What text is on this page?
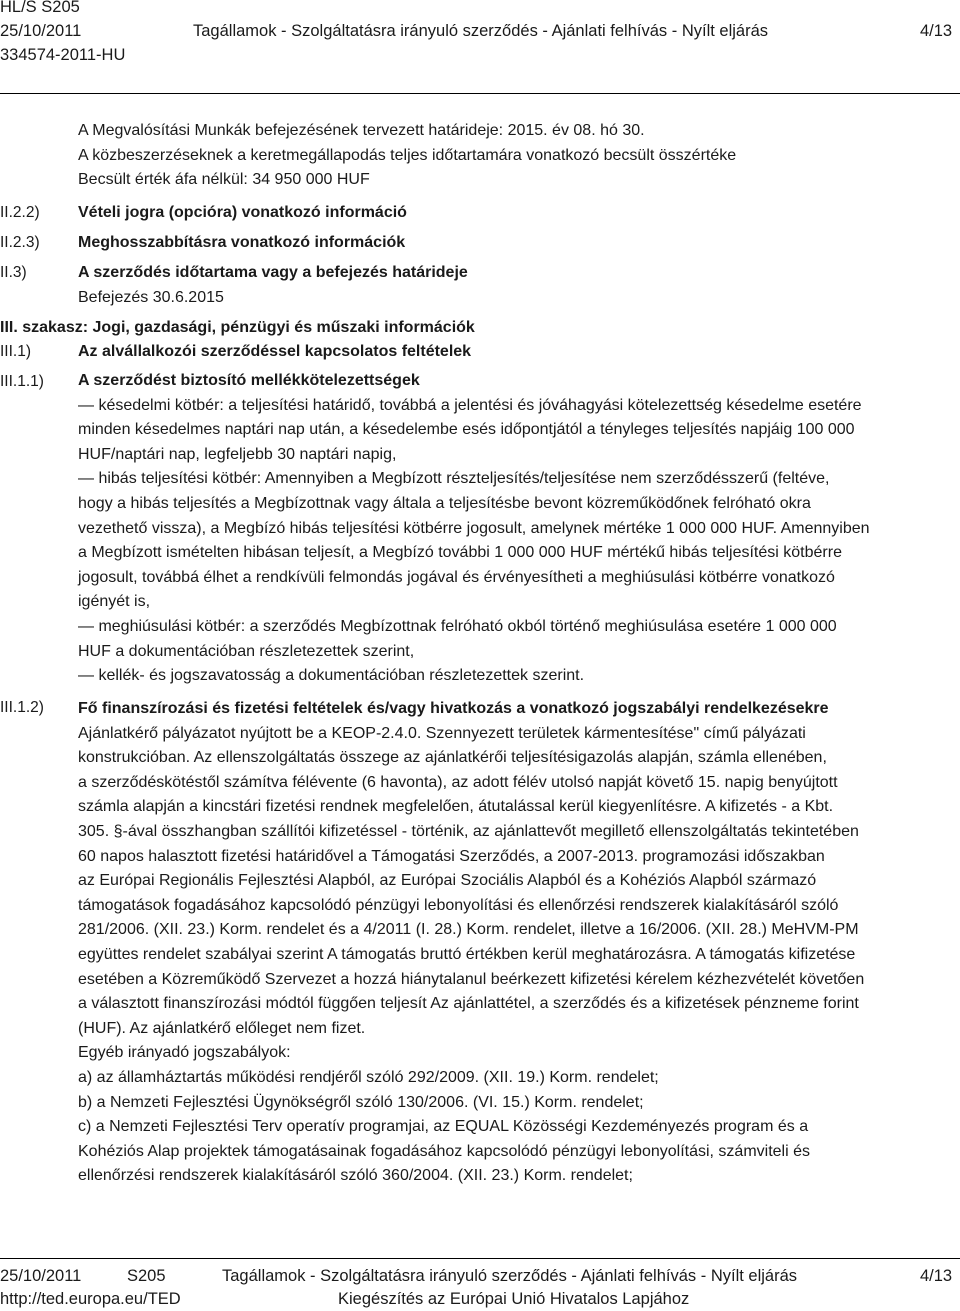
HL/S S205
25/10/2011
334574-2011-HU
Tagállamok - Szolgáltatásra irányuló szerződés - Ajánlati felhívás - Nyílt eljárás	4/13

A Megvalósítási Munkák befejezésének tervezett határideje: 2015. év 08. hó 30.

A közbeszerzéseknek a keretmegállapodás teljes időtartamára vonatkozó becsült összértéke

Becsült érték áfa nélkül: 34 950 000 HUF

II.2.2)	Vételi jogra (opcióra) vonatkozó információ
II.2.3)	Meghosszabbításra vonatkozó információk
II.3)	A szerződés időtartama vagy a befejezés határideje
Befejezés 30.6.2015
III. szakasz: Jogi, gazdasági, pénzügyi és műszaki információk
III.1)	Az alvállalkozói szerződéssel kapcsolatos feltételek
III.1.1)	A szerződést biztosító mellékkötelezettségek

— késedelmi kötbér: a teljesítési határidő, továbbá a jelentési és jóváhagyási kötelezettség késedelme esetére

minden késedelmes naptári nap után, a késedelembe esés időpontjától a tényleges teljesítés napjáig 100 000

HUF/naptári nap, legfeljebb 30 naptári napig,

— hibás teljesítési kötbér: Amennyiben a Megbízott részteljesítés/teljesítése nem szerződésszerű (feltéve,

hogy a hibás teljesítés a Megbízottnak vagy általa a teljesítésbe bevont közreműködőnek felróható okra

vezethető vissza), a Megbízó hibás teljesítési kötbérre jogosult, amelynek mértéke 1 000 000 HUF. Amennyiben

a Megbízott ismételten hibásan teljesít, a Megbízó további 1 000 000 HUF mértékű hibás teljesítési kötbérre

jogosult, továbbá élhet a rendkívüli felmondás jogával és érvényesítheti a meghiúsulási kötbérre vonatkozó

igényét is,

— meghiúsulási kötbér: a szerződés Megbízottnak felróható okból történő meghiúsulása esetére 1 000 000

HUF a dokumentációban részletezettek szerint,

— kellék- és jogszavatosság a dokumentációban részletezettek szerint.

III.1.2)	Fő finanszírozási és fizetési feltételek és/vagy hivatkozás a vonatkozó jogszabályi rendelkezésekre

Ajánlatkérő pályázatot nyújtott be a KEOP-2.4.0. Szennyezett területek kármentesítése" című pályázati

konstrukcióban. Az ellenszolgáltatás összege az ajánlatkérői teljesítésigazolás alapján, számla ellenében,

a szerződéskötéstől számítva félévente (6 havonta), az adott félév utolsó napját követő 15. napig benyújtott

számla alapján a kincstári fizetési rendnek megfelelően, átutalással kerül kiegyenlítésre. A kifizetés - a Kbt.

305. §-ával összhangban szállítói kifizetéssel - történik, az ajánlattevőt megillető ellenszolgáltatás tekintetében

60 napos halasztott fizetési határidővel a Támogatási Szerződés, a 2007-2013. programozási időszakban

az Európai Regionális Fejlesztési Alapból, az Európai Szociális Alapból és a Kohéziós Alapból származó

támogatások fogadásához kapcsolódó pénzügyi lebonyolítási és ellenőrzési rendszerek kialakításáról szóló

281/2006. (XII. 23.) Korm. rendelet és a 4/2011 (I. 28.) Korm. rendelet, illetve a 16/2006. (XII. 28.) MeHVM-PM

együttes rendelet szabályai szerint A támogatás bruttó értékben kerül meghatározásra. A támogatás kifizetése

esetében a Közreműködő Szervezet a hozzá hiánytalanul beérkezett kifizetési kérelem kézhezvételét követően

a választott finanszírozási módtól függően teljesít Az ajánlattétel, a szerződés és a kifizetések pénzneme forint

(HUF). Az ajánlatkérő előleget nem fizet.

Egyéb irányadó jogszabályok:

a) az államháztartás működési rendjéről szóló 292/2009. (XII. 19.) Korm. rendelet;

b) a Nemzeti Fejlesztési Ügynökségről szóló 130/2006. (VI. 15.) Korm. rendelet;

c) a Nemzeti Fejlesztési Terv operatív programjai, az EQUAL Közösségi Kezdeményezés program és a

Kohéziós Alap projektek támogatásainak fogadásához kapcsolódó pénzügyi lebonyolítási, számviteli és

ellenőrzési rendszerek kialakításáról szóló 360/2004. (XII. 23.) Korm. rendelet;

25/10/2011	S205	Tagállamok - Szolgáltatásra irányuló szerződés - Ajánlati felhívás - Nyílt eljárás	4/13
http://ted.europa.eu/TED	Kiegészítés az Európai Unió Hivatalos Lapjához
